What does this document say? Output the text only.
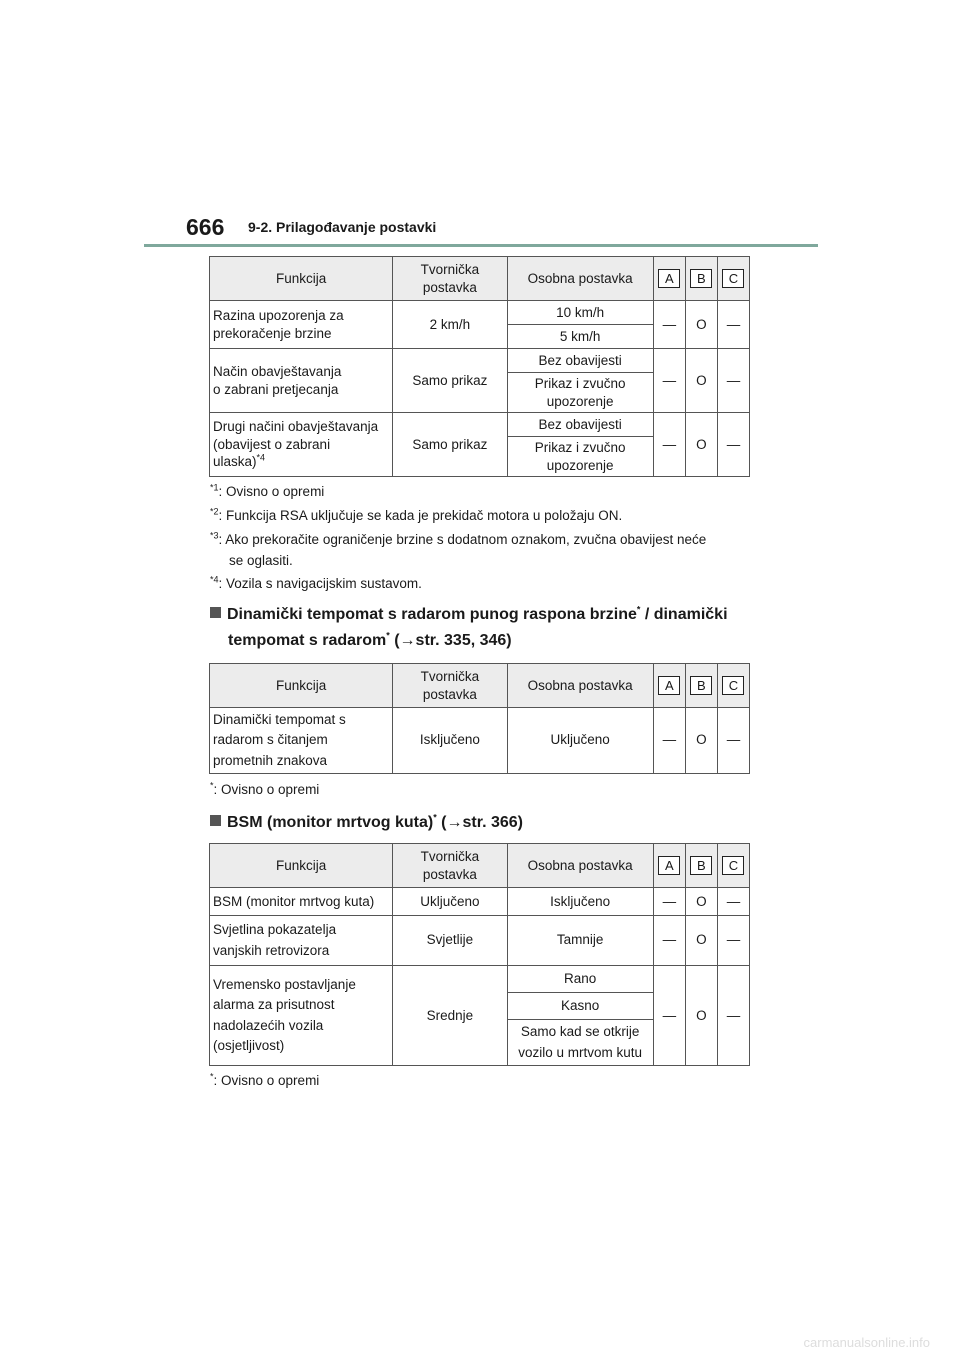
666 9-2. Prilagođavanje postavki
Funkcija	Tvornička
postavka	Osobna postavka	A	B	C
Razina upozorenja za
prekoračenje brzine	2 km/h	10 km/h	—	O	—
		5 km/h			
Način obavještavanja
o zabrani pretjecanja	Samo prikaz	Bez obavijesti	—	O	—
		Prikaz i zvučno upozorenje			
Drugi načini obavještavanja
(obavijest o zabrani
ulaska)$^{*4}$	Samo prikaz	Bez obavijesti	—	O	—
		Prikaz i zvučno upozorenje			
$^{*1}$: Ovisno o opremi
$^{*2}$: Funkcija RSA uključuje se kada je prekidač motora u položaju ON.
$^{*3}$: Ako prekoračite ograničenje brzine s dodatnom oznakom, zvučna obavijest neće
se oglasiti.
$^{*4}$: Vozila s navigacijskim sustavom.
Dinamički tempomat s radarom punog raspona brzine* / dinamički
tempomat s radarom* (→str. 335, 346)
Funkcija	Tvornička
postavka	Osobna postavka	A	B	C
Dinamički tempomat s
radarom s čitanjem
prometnih znakova	Isključeno	Uključeno	—	O	—
*: Ovisno o opremi
BSM (monitor mrtvog kuta)* (→str. 366)
Funkcija	Tvornička
postavka	Osobna postavka	A	B	C
BSM (monitor mrtvog kuta)	Uključeno	Isključeno	—	O	—
Svjetlina pokazatelja
vanjskih retrovizora	Svjetlije	Tamnije	—	O	—
Vremensko postavljanje
alarma za prisutnost
nadolazećih vozila
(osjetljivost)	Srednje	Rano	—	O	—
		Kasno			
		Samo kad se otkrije vozilo u mrtvom kutu			
*: Ovisno o opremi
carmanualsonline.info
